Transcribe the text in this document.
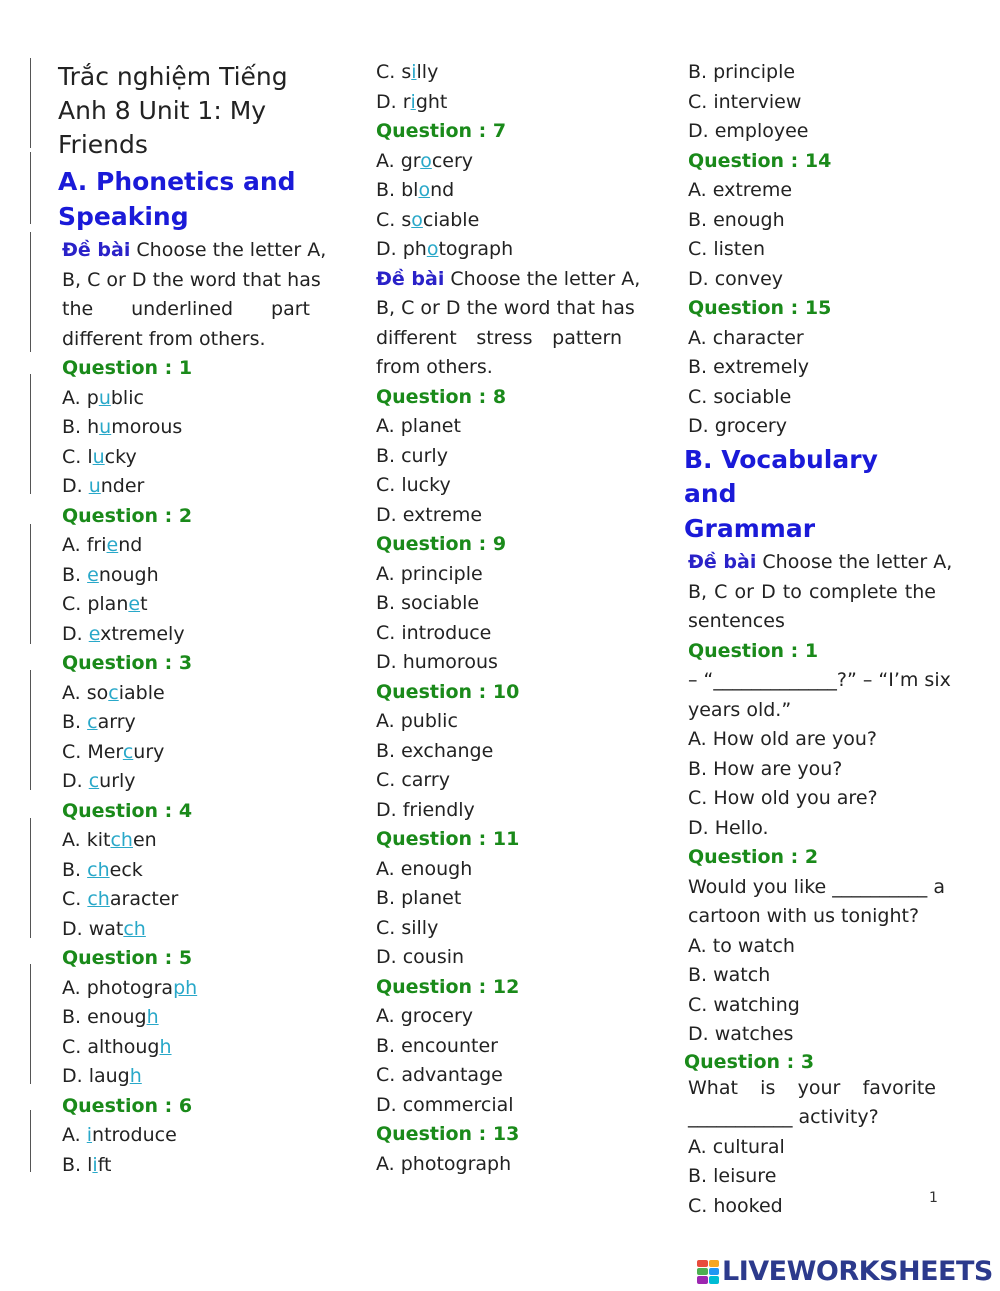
Trắc nghiệm Tiếng
Anh 8 Unit 1: My
Friends
A. Phonetics and
Speaking
Đề bài Choose the letter A,
B, C or D the word that has
the underlined part
different from others.
Question : 1
A. public
B. humorous
C. lucky
D. under
Question : 2
A. friend
B. enough
C. planet
D. extremely
Question : 3
A. sociable
B. carry
C. Mercury
D. curly
Question : 4
A. kitchen
B. check
C. character
D. watch
Question : 5
A. photograph
B. enough
C. although
D. laugh
Question : 6
A. introduce
B. lift
C. silly
D. right
Question : 7
A. grocery
B. blond
C. sociable
D. photograph
Đề bài Choose the letter A,
B, C or D the word that has
different stress pattern
from others.
Question : 8
A. planet
B. curly
C. lucky
D. extreme
Question : 9
A. principle
B. sociable
C. introduce
D. humorous
Question : 10
A. public
B. exchange
C. carry
D. friendly
Question : 11
A. enough
B. planet
C. silly
D. cousin
Question : 12
A. grocery
B. encounter
C. advantage
D. commercial
Question : 13
A. photograph
B. principle
C. interview
D. employee
Question : 14
A. extreme
B. enough
C. listen
D. convey
Question : 15
A. character
B. extremely
C. sociable
D. grocery
B. Vocabulary and
Grammar
Đề bài Choose the letter A,
B, C or D to complete the
sentences
Question : 1
– “_____________?” – “I’m six
years old.”
A. How old are you?
B. How are you?
C. How old you are?
D. Hello.
Question : 2
Would you like __________ a
cartoon with us tonight?
A. to watch
B. watch
C. watching
D. watches
Question : 3
What is your favorite
___________ activity?
A. cultural
B. leisure
C. hooked	1
LIVEWORKSHEETS
